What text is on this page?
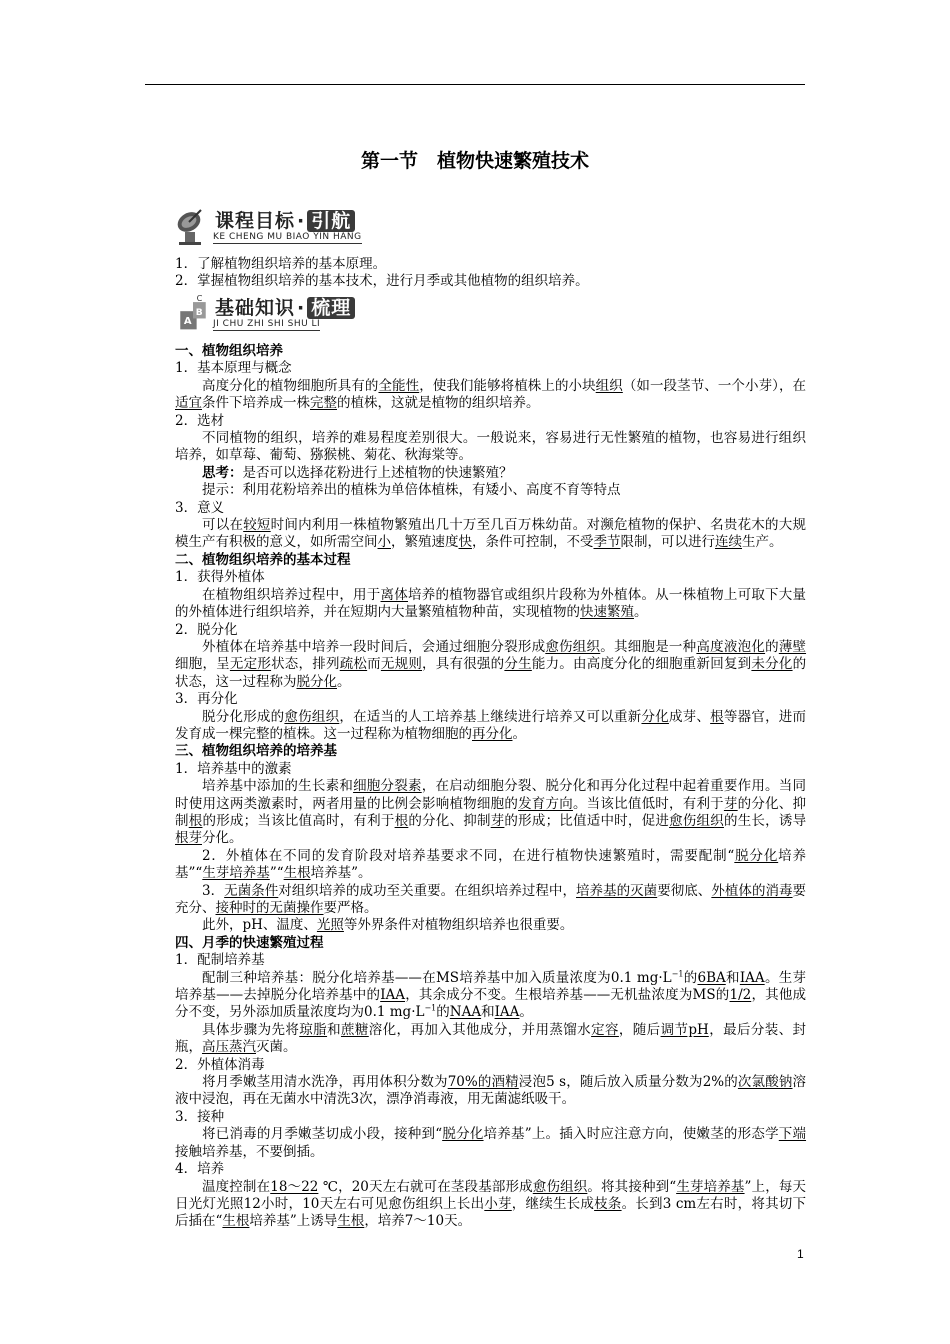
第一节　植物快速繁殖技术
课程目标 · 引航
KE CHENG MU BIAO YIN HANG

1．了解植物组织培养的基本原理。

2．掌握植物组织培养的基本技术，进行月季或其他植物的组织培养。

C
A
B 基础知识 · 梳理
JI CHU ZHI SHI SHU LI

一、植物组织培养

1．基本原理与概念

高度分化的植物细胞所具有的全能性，使我们能够将植株上的小块组织（如一段茎节、一个小芽），在适宜条件下培养成一株完整的植株，这就是植物的组织培养。

2．选材

不同植物的组织，培养的难易程度差别很大。一般说来，容易进行无性繁殖的植物，也容易进行组织培养，如草莓、葡萄、猕猴桃、菊花、秋海棠等。

思考：是否可以选择花粉进行上述植物的快速繁殖？

提示：利用花粉培养出的植株为单倍体植株，有矮小、高度不育等特点

3．意义

可以在较短时间内利用一株植物繁殖出几十万至几百万株幼苗。对濒危植物的保护、名贵花木的大规模生产有积极的意义，如所需空间小，繁殖速度快，条件可控制，不受季节限制，可以进行连续生产。

二、植物组织培养的基本过程

1．获得外植体

在植物组织培养过程中，用于离体培养的植物器官或组织片段称为外植体。从一株植物上可取下大量的外植体进行组织培养，并在短期内大量繁殖植物种苗，实现植物的快速繁殖。

2．脱分化

外植体在培养基中培养一段时间后，会通过细胞分裂形成愈伤组织。其细胞是一种高度液泡化的薄壁细胞，呈无定形状态，排列疏松而无规则，具有很强的分生能力。由高度分化的细胞重新回复到未分化的状态，这一过程称为脱分化。

3．再分化

脱分化形成的愈伤组织，在适当的人工培养基上继续进行培养又可以重新分化成芽、根等器官，进而发育成一棵完整的植株。这一过程称为植物细胞的再分化。

三、植物组织培养的培养基

1．培养基中的激素

培养基中添加的生长素和细胞分裂素，在启动细胞分裂、脱分化和再分化过程中起着重要作用。当同时使用这两类激素时，两者用量的比例会影响植物细胞的发育方向。当该比值低时，有利于芽的分化、抑制根的形成；当该比值高时，有利于根的分化、抑制芽的形成；比值适中时，促进愈伤组织的生长，诱导根芽分化。

2．外植体在不同的发育阶段对培养基要求不同，在进行植物快速繁殖时，需要配制“脱分化培养基”“生芽培养基”“生根培养基”。

3．无菌条件对组织培养的成功至关重要。在组织培养过程中，培养基的灭菌要彻底、外植体的消毒要充分、接种时的无菌操作要严格。

此外，pH、温度、光照等外界条件对植物组织培养也很重要。

四、月季的快速繁殖过程

1．配制培养基

配制三种培养基：脱分化培养基——在MS培养基中加入质量浓度为0.1 $mg\cdot L^{-1}$的6BA和IAA。生芽培养基——去掉脱分化培养基中的IAA，其余成分不变。生根培养基——无机盐浓度为MS的1/2，其他成分不变，另外添加质量浓度均为0.1 $mg\cdot L^{-1}$的NAA和IAA。

具体步骤为先将琼脂和蔗糖溶化，再加入其他成分，并用蒸馏水定容，随后调节pH，最后分装、封瓶，高压蒸汽灭菌。

2．外植体消毒

将月季嫩茎用清水洗净，再用体积分数为70%的酒精浸泡5 s，随后放入质量分数为2%的次氯酸钠溶液中浸泡，再在无菌水中清洗3次，漂净消毒液，用无菌滤纸吸干。

3．接种

将已消毒的月季嫩茎切成小段，接种到“脱分化培养基”上。插入时应注意方向，使嫩茎的形态学下端接触培养基，不要倒插。

4．培养

温度控制在18～22 ℃，20天左右就可在茎段基部形成愈伤组织。将其接种到“生芽培养基”上，每天日光灯光照12小时，10天左右可见愈伤组织上长出小芽，继续生长成枝条。长到3 cm左右时，将其切下后插在“生根培养基”上诱导生根，培养7～10天。

1
